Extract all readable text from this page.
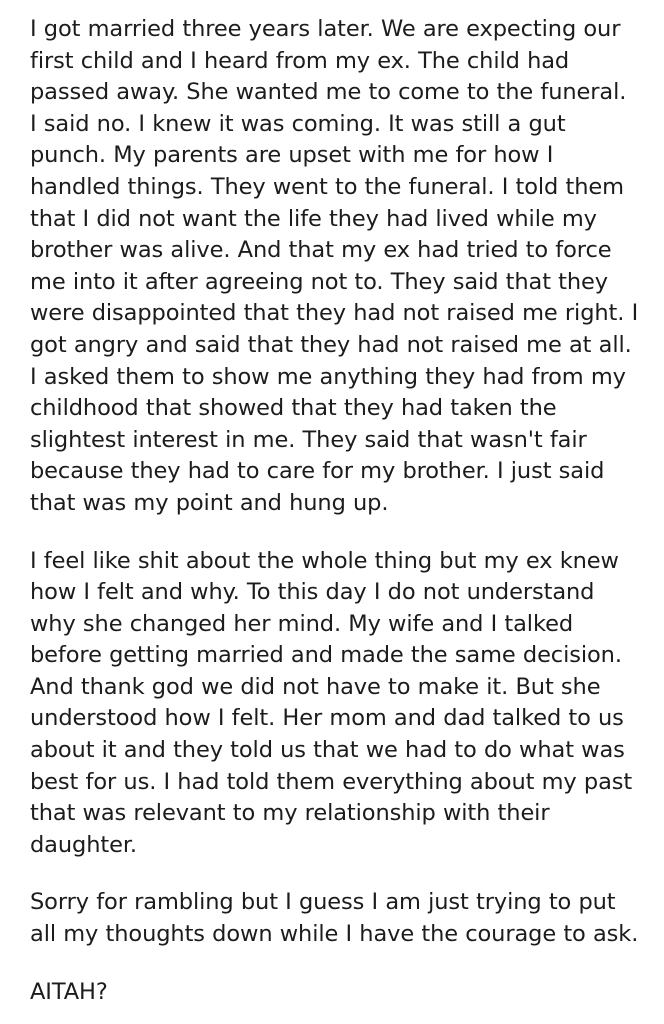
I got married three years later. We are expecting our first child and I heard from my ex. The child had passed away. She wanted me to come to the funeral. I said no. I knew it was coming. It was still a gut punch. My parents are upset with me for how I handled things. They went to the funeral. I told them that I did not want the life they had lived while my brother was alive. And that my ex had tried to force me into it after agreeing not to. They said that they were disappointed that they had not raised me right. I got angry and said that they had not raised me at all. I asked them to show me anything they had from my childhood that showed that they had taken the slightest interest in me. They said that wasn't fair because they had to care for my brother. I just said that was my point and hung up.

I feel like shit about the whole thing but my ex knew how I felt and why. To this day I do not understand why she changed her mind. My wife and I talked before getting married and made the same decision. And thank god we did not have to make it. But she understood how I felt. Her mom and dad talked to us about it and they told us that we had to do what was best for us. I had told them everything about my past that was relevant to my relationship with their daughter.

Sorry for rambling but I guess I am just trying to put all my thoughts down while I have the courage to ask.

AITAH?
